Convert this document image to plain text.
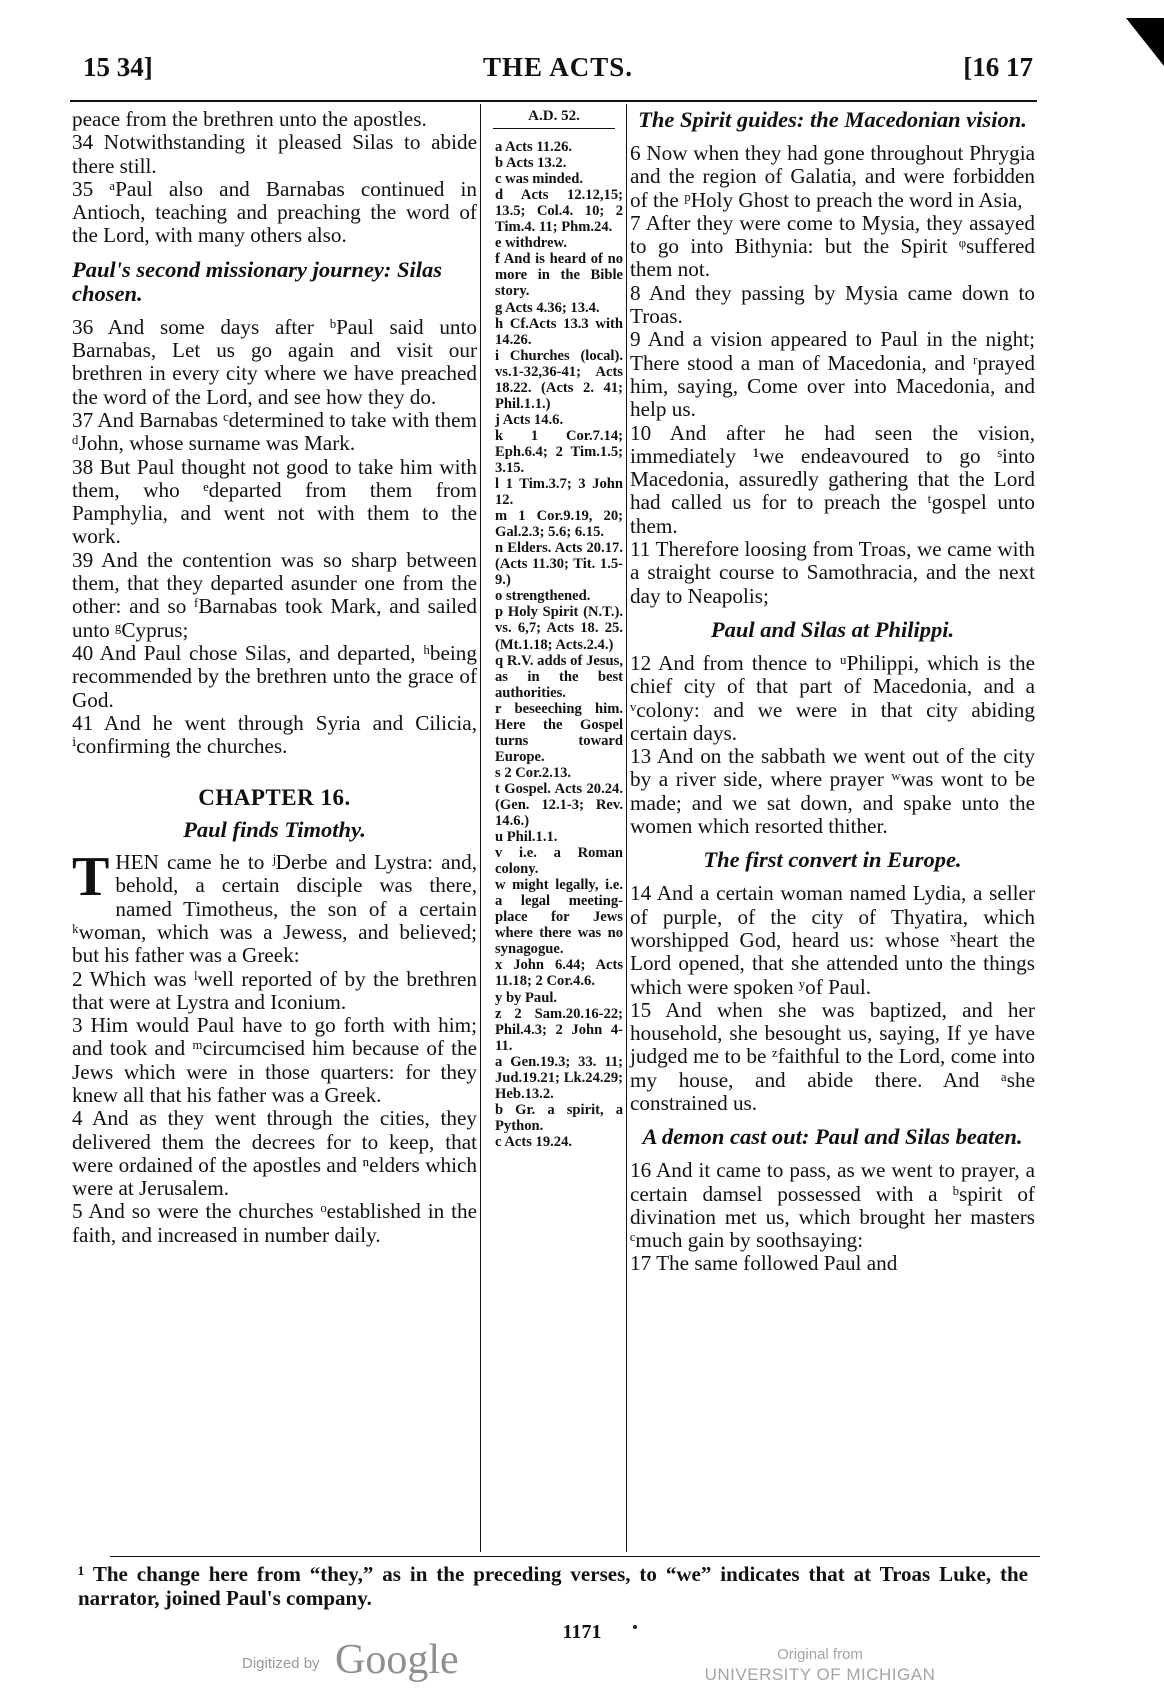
15 34]	THE ACTS.	[16 17

peace from the brethren unto the apostles.

34 Notwithstanding it pleased Silas to abide there still.

35 ᵃPaul also and Barnabas continued in Antioch, teaching and preaching the word of the Lord, with many others also.

Paul's second missionary journey: Silas chosen.

36 And some days after ᵇPaul said unto Barnabas, Let us go again and visit our brethren in every city where we have preached the word of the Lord, and see how they do.

37 And Barnabas ᶜdetermined to take with them ᵈJohn, whose surname was Mark.

38 But Paul thought not good to take him with them, who ᵉdeparted from them from Pamphylia, and went not with them to the work.

39 And the contention was so sharp between them, that they departed asunder one from the other: and so ᶠBarnabas took Mark, and sailed unto ᵍCyprus;

40 And Paul chose Silas, and departed, ʰbeing recommended by the brethren unto the grace of God.

41 And he went through Syria and Cilicia, ⁱconfirming the churches.

CHAPTER 16.
Paul finds Timothy.

THEN came he to ʲDerbe and Lystra: and, behold, a certain disciple was there, named Timotheus, the son of a certain ᵏwoman, which was a Jewess, and believed; but his father was a Greek:

2 Which was ˡwell reported of by the brethren that were at Lystra and Iconium.

3 Him would Paul have to go forth with him; and took and ᵐcircumcised him because of the Jews which were in those quarters: for they knew all that his father was a Greek.

4 And as they went through the cities, they delivered them the decrees for to keep, that were ordained of the apostles and ⁿelders which were at Jerusalem.

5 And so were the churches ᵒestablished in the faith, and increased in number daily.

A.D. 52.

a Acts 11.26.

b Acts 13.2.

c was minded.

d Acts 12.12,15; 13.5; Col.4. 10; 2 Tim.4. 11; Phm.24.

e withdrew.

f And is heard of no more in the Bible story.

g Acts 4.36; 13.4.

h Cf.Acts 13.3 with 14.26.

i Churches (local). vs.1-32,36-41; Acts 18.22. (Acts 2. 41; Phil.1.1.)

j Acts 14.6.

k 1 Cor.7.14; Eph.6.4; 2 Tim.1.5; 3.15.

l 1 Tim.3.7; 3 John 12.

m 1 Cor.9.19, 20; Gal.2.3; 5.6; 6.15.

n Elders. Acts 20.17.(Acts 11.30; Tit. 1.5-9.)

o strengthened.

p Holy Spirit (N.T.). vs. 6,7; Acts 18. 25.(Mt.1.18; Acts.2.4.)

q R.V. adds of Jesus, as in the best authorities.

r beseeching him. Here the Gospel turns toward Europe.

s 2 Cor.2.13.

t Gospel. Acts 20.24. (Gen. 12.1-3; Rev. 14.6.)

u Phil.1.1.

v i.e. a Roman colony.

w might legally, i.e. a legal meeting-place for Jews where there was no synagogue.

x John 6.44; Acts 11.18; 2 Cor.4.6.

y by Paul.

z 2 Sam.20.16-22; Phil.4.3; 2 John 4-11.

a Gen.19.3; 33. 11; Jud.19.21; Lk.24.29; Heb.13.2.

b Gr. a spirit, a Python.

c Acts 19.24.

The Spirit guides: the Macedonian vision.

6 Now when they had gone throughout Phrygia and the region of Galatia, and were forbidden of the ᵖHoly Ghost to preach the word in Asia,

7 After they were come to Mysia, they assayed to go into Bithynia: but the Spirit ᵠsuffered them not.

8 And they passing by Mysia came down to Troas.

9 And a vision appeared to Paul in the night; There stood a man of Macedonia, and ʳprayed him, saying, Come over into Macedonia, and help us.

10 And after he had seen the vision, immediately ¹we endeavoured to go ˢinto Macedonia, assuredly gathering that the Lord had called us for to preach the ᵗgospel unto them.

11 Therefore loosing from Troas, we came with a straight course to Samothracia, and the next day to Neapolis;

Paul and Silas at Philippi.

12 And from thence to ᵘPhilippi, which is the chief city of that part of Macedonia, and a ᵛcolony: and we were in that city abiding certain days.

13 And on the sabbath we went out of the city by a river side, where prayer ʷwas wont to be made; and we sat down, and spake unto the women which resorted thither.

The first convert in Europe.

14 And a certain woman named Lydia, a seller of purple, of the city of Thyatira, which worshipped God, heard us: whose ˣheart the Lord opened, that she attended unto the things which were spoken ʸof Paul.

15 And when she was baptized, and her household, she besought us, saying, If ye have judged me to be ᶻfaithful to the Lord, come into my house, and abide there. And ᵃshe constrained us.

A demon cast out: Paul and Silas beaten.

16 And it came to pass, as we went to prayer, a certain damsel possessed with a ᵇspirit of divination met us, which brought her masters ᶜmuch gain by soothsaying:

17 The same followed Paul and

¹ The change here from “they,” as in the preceding verses, to “we” indicates that at Troas Luke, the narrator, joined Paul's company.
1171
Digitized by Google	Original from
UNIVERSITY OF MICHIGAN
